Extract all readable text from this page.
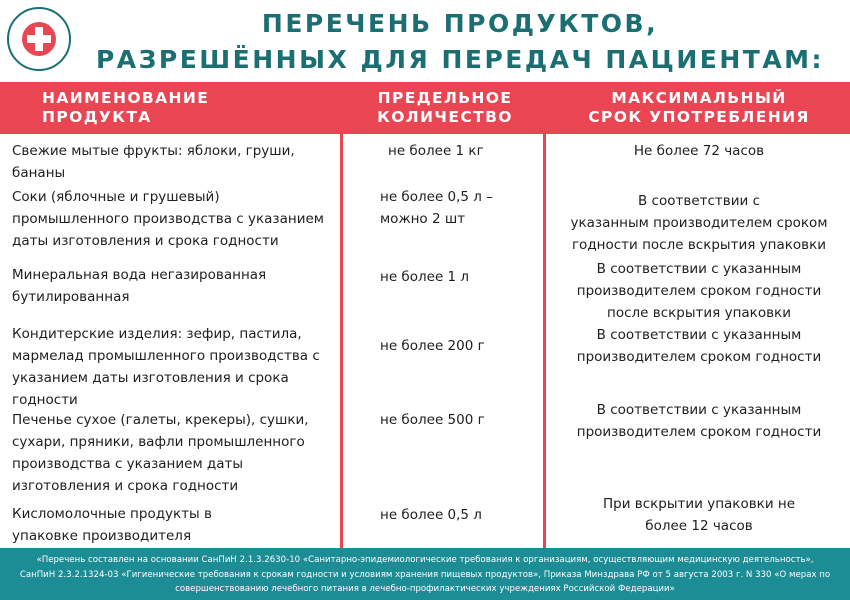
ПЕРЕЧЕНЬ ПРОДУКТОВ,
РАЗРЕШЁННЫХ ДЛЯ ПЕРЕДАЧ ПАЦИЕНТАМ:
НАИМЕНОВАНИЕ
ПРОДУКТА
ПРЕДЕЛЬНОЕ
КОЛИЧЕСТВО
МАКСИМАЛЬНЫЙ
СРОК УПОТРЕБЛЕНИЯ
Свежие мытые фрукты: яблоки, груши,
бананы
не более 1 кг	Не более 72 часов
Соки (яблочные и грушевый)
промышленного производства с указанием
даты изготовления и срока годности
не более 0,5 л –
можно 2 шт
В соответствии с
указанным производителем сроком
годности после вскрытия упаковки
Минеральная вода негазированная
бутилированная
не более 1 л	В соответствии с указанным
производителем сроком годности
после вскрытия упаковки
Кондитерские изделия: зефир, пастила,
мармелад промышленного производства с
указанием даты изготовления и срока
годности
не более 200 г
В соответствии с указанным
производителем сроком годности
Печенье сухое (галеты, крекеры), сушки,
сухари, пряники, вафли промышленного
производства с указанием даты
изготовления и срока годности
не более 500 г
В соответствии с указанным
производителем сроком годности
Кисломолочные продукты в
упаковке производителя
не более 0,5 л
При вскрытии упаковки не
более 12 часов
«Перечень составлен на основании СанПиН 2.1.3.2630-10 «Санитарно-эпидемиологические требования к организациям, осуществляющим медицинскую деятельность»,
СанПиН 2.3.2.1324-03 «Гигиенические требования к срокам годности и условиям хранения пищевых продуктов», Приказа Минздрава РФ от 5 августа 2003 г. N 330 «О мерах по
совершенствованию лечебного питания в лечебно-профилактических учреждениях Российской Федерации»
